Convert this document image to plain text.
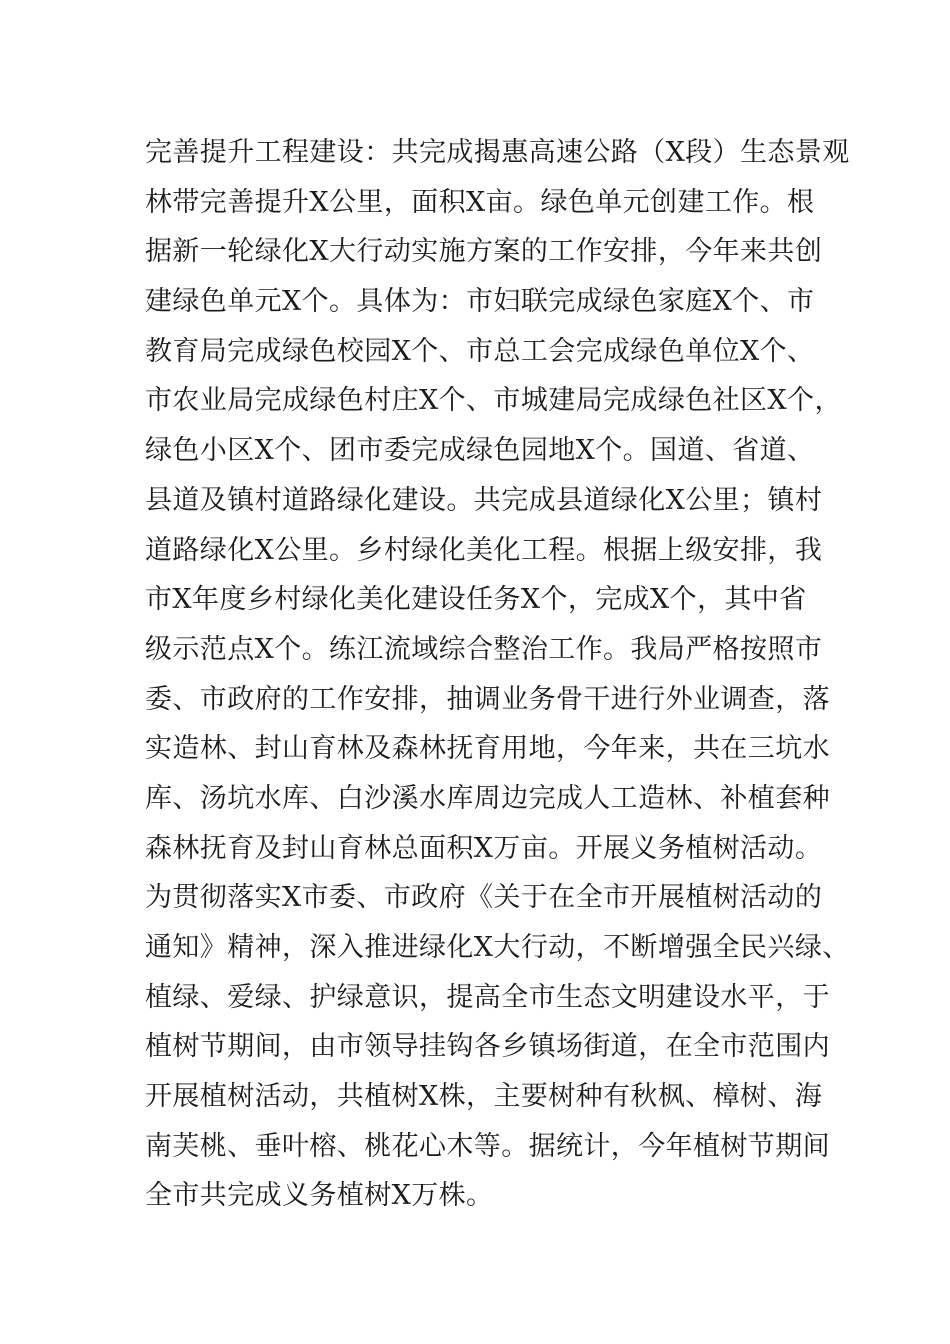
完善提升工程建设：共完成揭惠高速公路（X段）生态景观
林带完善提升X公里，面积X亩。绿色单元创建工作。根
据新一轮绿化X大行动实施方案的工作安排，今年来共创
建绿色单元X个。具体为：市妇联完成绿色家庭X个、市
教育局完成绿色校园X个、市总工会完成绿色单位X个、
市农业局完成绿色村庄X个、市城建局完成绿色社区X个，
绿色小区X个、团市委完成绿色园地X个。国道、省道、
县道及镇村道路绿化建设。共完成县道绿化X公里；镇村
道路绿化X公里。乡村绿化美化工程。根据上级安排，我
市X年度乡村绿化美化建设任务X个，完成X个，其中省
级示范点X个。练江流域综合整治工作。我局严格按照市
委、市政府的工作安排，抽调业务骨干进行外业调查，落
实造林、封山育林及森林抚育用地，今年来，共在三坑水
库、汤坑水库、白沙溪水库周边完成人工造林、补植套种
森林抚育及封山育林总面积X万亩。开展义务植树活动。
为贯彻落实X市委、市政府《关于在全市开展植树活动的
通知》精神，深入推进绿化X大行动，不断增强全民兴绿、
植绿、爱绿、护绿意识，提高全市生态文明建设水平，于
植树节期间，由市领导挂钩各乡镇场街道，在全市范围内
开展植树活动，共植树X株，主要树种有秋枫、樟树、海
南芙桃、垂叶榕、桃花心木等。据统计，今年植树节期间
全市共完成义务植树X万株。
